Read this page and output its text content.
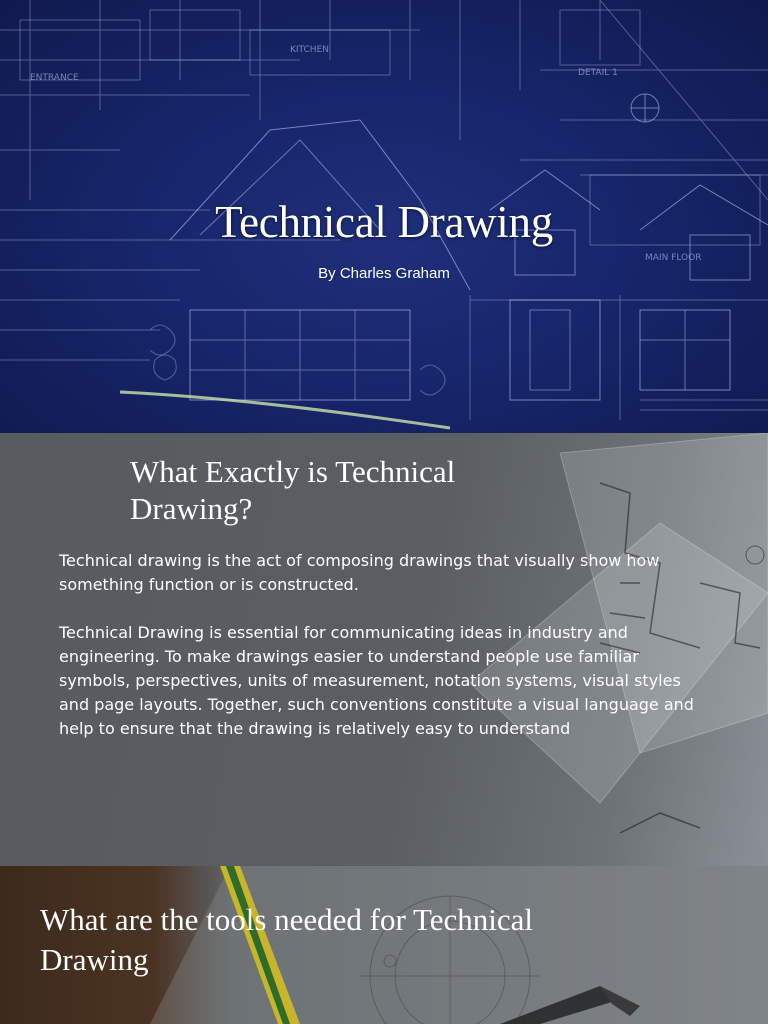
DETAIL 1
KITCHEN
ENTRANCE
MAIN FLOOR
Technical Drawing
By Charles Graham
What Exactly is Technical Drawing?

Technical drawing is the act of composing drawings that visually show how something function or is constructed.

Technical Drawing is essential for communicating ideas in industry and engineering. To make drawings easier to understand people use familiar symbols, perspectives, units of measurement, notation systems, visual styles and page layouts. Together, such conventions constitute a visual language and help to ensure that the drawing is relatively easy to understand

What are the tools needed for Technical Drawing
